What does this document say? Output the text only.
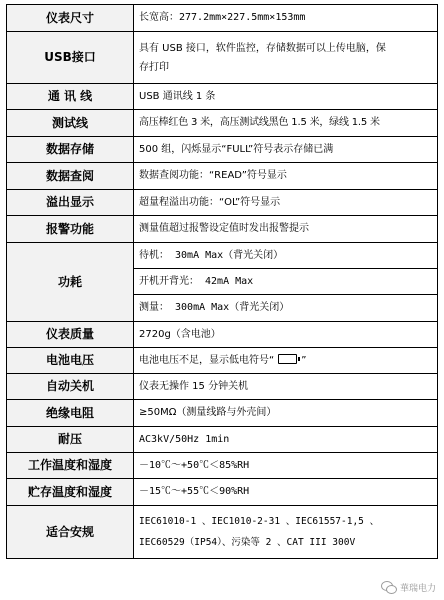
仪表尺寸	长宽高：277.2mm×227.5mm×153mm
USB接口	具有 USB 接口，软件监控，存储数据可以上传电脑，保
存打印

通 讯 线	USB 通讯线 1 条
测试线	高压棒红色 3 米，高压测试线黑色 1.5 米，绿线 1.5 米
数据存储	500 组，闪烁显示“FULL”符号表示存储已满
数据查阅	数据查阅功能：“READ”符号显示
溢出显示	超量程溢出功能：“OL”符号显示
报警功能	测量值超过报警设定值时发出报警提示
功耗	待机： 30mA Max（背光关闭）
	开机开背光： 42mA Max
	测量： 300mA Max（背光关闭）
仪表质量	2720g（含电池）
电池电压	电池电压不足，显示低电符号“ ”
自动关机	仪表无操作 15 分钟关机
绝缘电阻	≥50MΩ（测量线路与外壳间）
耐压	AC3kV/50Hz 1min
工作温度和湿度	－10℃～+50℃＜85%RH
贮存温度和湿度	－15℃～+55℃＜90%RH
适合安规	IEC61010-1 、IEC1010-2-31 、IEC61557-1,5 、
IEC60529（IP54）、污染等 2 、CAT III 300V
華瑞电力
